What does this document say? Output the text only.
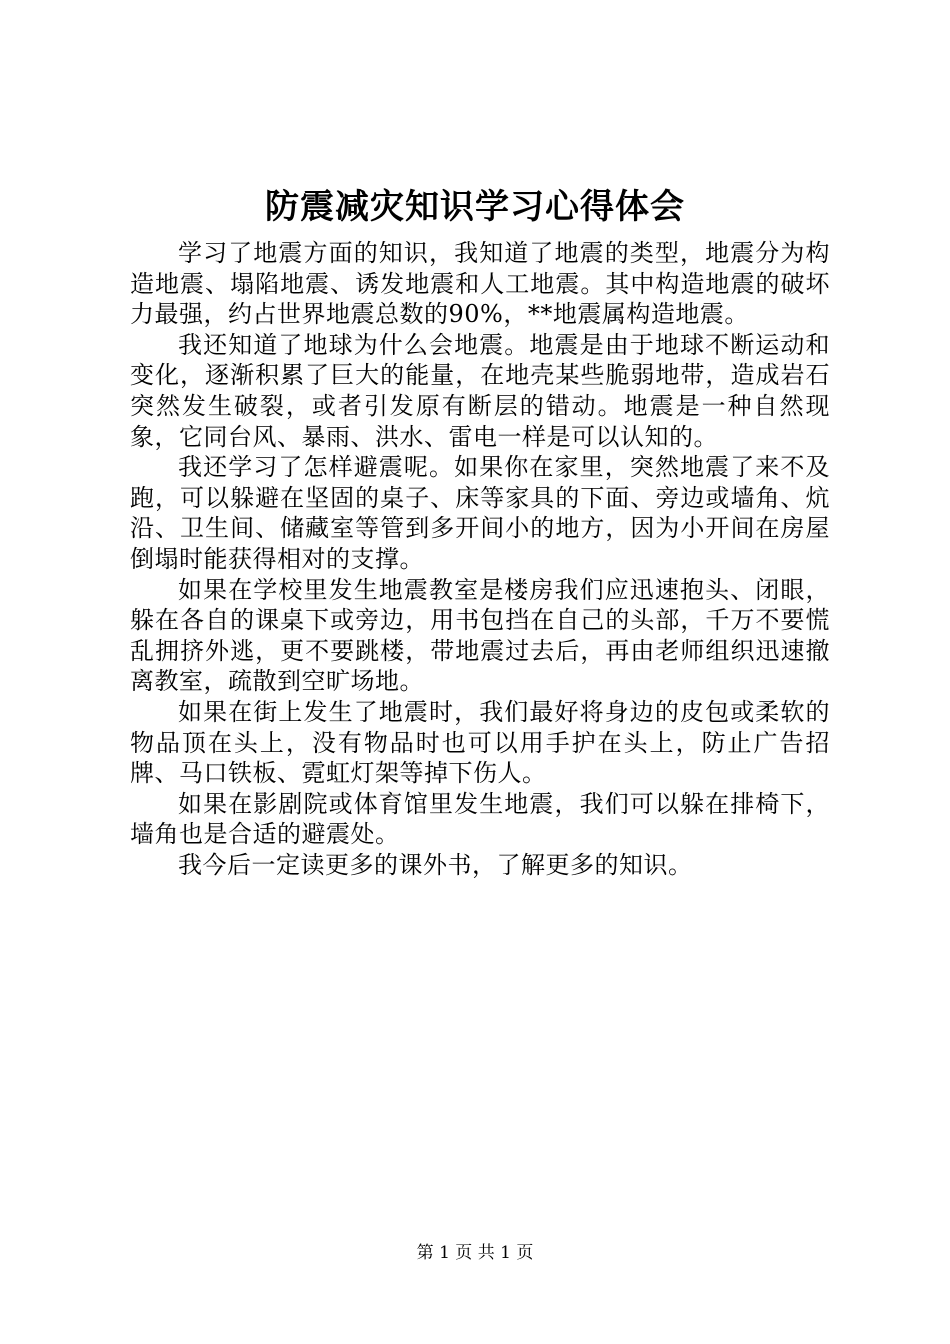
防震减灾知识学习心得体会

学习了地震方面的知识，我知道了地震的类型，地震分为构造地震、塌陷地震、诱发地震和人工地震。其中构造地震的破坏力最强，约占世界地震总数的90%，**地震属构造地震。

我还知道了地球为什么会地震。地震是由于地球不断运动和变化，逐渐积累了巨大的能量，在地壳某些脆弱地带，造成岩石突然发生破裂，或者引发原有断层的错动。地震是一种自然现象，它同台风、暴雨、洪水、雷电一样是可以认知的。

我还学习了怎样避震呢。如果你在家里，突然地震了来不及跑，可以躲避在坚固的桌子、床等家具的下面、旁边或墙角、炕沿、卫生间、储藏室等管到多开间小的地方，因为小开间在房屋倒塌时能获得相对的支撑。

如果在学校里发生地震教室是楼房我们应迅速抱头、闭眼，躲在各自的课桌下或旁边，用书包挡在自己的头部，千万不要慌乱拥挤外逃，更不要跳楼，带地震过去后，再由老师组织迅速撤离教室，疏散到空旷场地。

如果在街上发生了地震时，我们最好将身边的皮包或柔软的物品顶在头上，没有物品时也可以用手护在头上，防止广告招牌、马口铁板、霓虹灯架等掉下伤人。

如果在影剧院或体育馆里发生地震，我们可以躲在排椅下，墙角也是合适的避震处。

我今后一定读更多的课外书，了解更多的知识。

第 1 页 共 1 页
